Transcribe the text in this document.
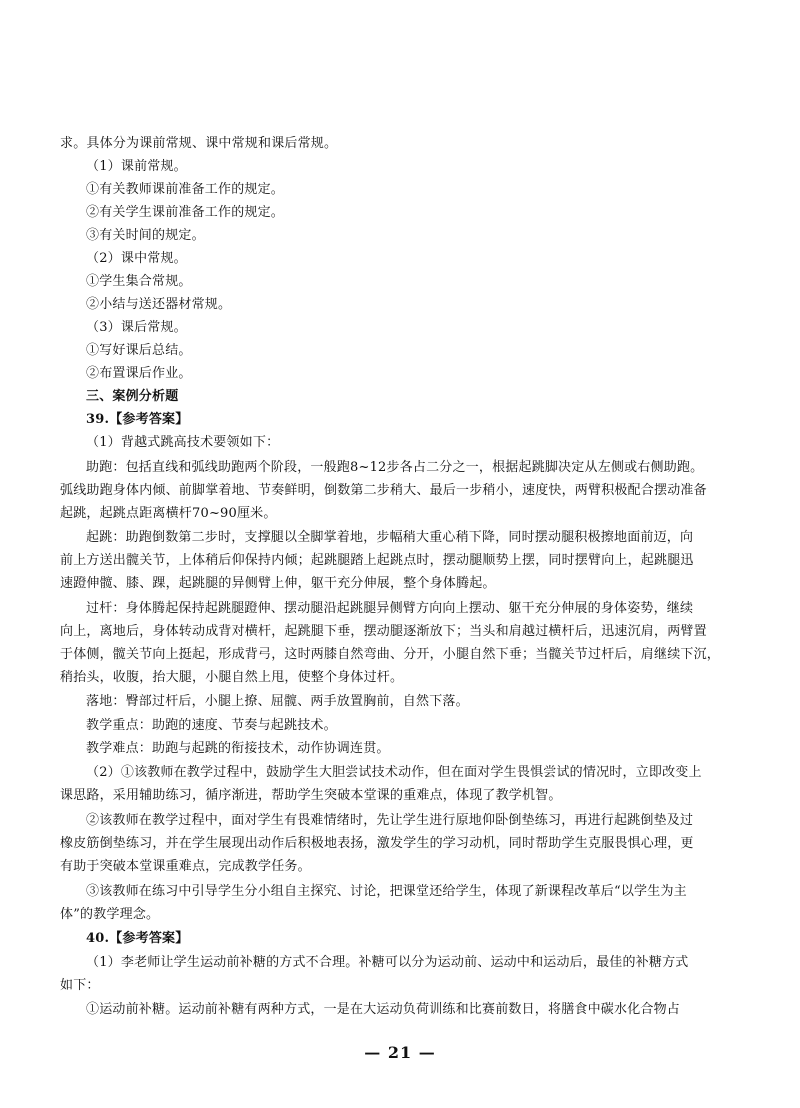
求。具体分为课前常规、课中常规和课后常规。
（1）课前常规。
①有关教师课前准备工作的规定。
②有关学生课前准备工作的规定。
③有关时间的规定。
（2）课中常规。
①学生集合常规。
②小结与送还器材常规。
（3）课后常规。
①写好课后总结。
②布置课后作业。
三、案例分析题
39.【参考答案】
（1）背越式跳高技术要领如下：
助跑：包括直线和弧线助跑两个阶段，一般跑8~12步各占二分之一，根据起跳脚决定从左侧或右侧助跑。
弧线助跑身体内倾、前脚掌着地、节奏鲜明，倒数第二步稍大、最后一步稍小，速度快，两臂积极配合摆动准备
起跳，起跳点距离横杆70~90厘米。
起跳：助跑倒数第二步时，支撑腿以全脚掌着地，步幅稍大重心稍下降，同时摆动腿积极擦地面前迈，向
前上方送出髋关节，上体稍后仰保持内倾；起跳腿踏上起跳点时，摆动腿顺势上摆，同时摆臂向上，起跳腿迅
速蹬伸髋、膝、踝，起跳腿的异侧臂上伸，躯干充分伸展，整个身体腾起。
过杆：身体腾起保持起跳腿蹬伸、摆动腿沿起跳腿异侧臂方向向上摆动、躯干充分伸展的身体姿势，继续
向上，离地后，身体转动成背对横杆，起跳腿下垂，摆动腿逐渐放下；当头和肩越过横杆后，迅速沉肩，两臂置
于体侧，髋关节向上挺起，形成背弓，这时两膝自然弯曲、分开，小腿自然下垂；当髋关节过杆后，肩继续下沉，
稍抬头，收腹，抬大腿，小腿自然上甩，使整个身体过杆。
落地：臀部过杆后，小腿上撩、屈髋、两手放置胸前，自然下落。
教学重点：助跑的速度、节奏与起跳技术。
教学难点：助跑与起跳的衔接技术，动作协调连贯。
（2）①该教师在教学过程中，鼓励学生大胆尝试技术动作，但在面对学生畏惧尝试的情况时，立即改变上
课思路，采用辅助练习，循序渐进，帮助学生突破本堂课的重难点，体现了教学机智。
②该教师在教学过程中，面对学生有畏难情绪时，先让学生进行原地仰卧倒垫练习，再进行起跳倒垫及过
橡皮筋倒垫练习，并在学生展现出动作后积极地表扬，激发学生的学习动机，同时帮助学生克服畏惧心理，更
有助于突破本堂课重难点，完成教学任务。
③该教师在练习中引导学生分小组自主探究、讨论，把课堂还给学生，体现了新课程改革后“以学生为主
体”的教学理念。
40.【参考答案】
（1）李老师让学生运动前补糖的方式不合理。补糖可以分为运动前、运动中和运动后，最佳的补糖方式
如下：
①运动前补糖。运动前补糖有两种方式，一是在大运动负荷训练和比赛前数日，将膳食中碳水化合物占
— 21 —
